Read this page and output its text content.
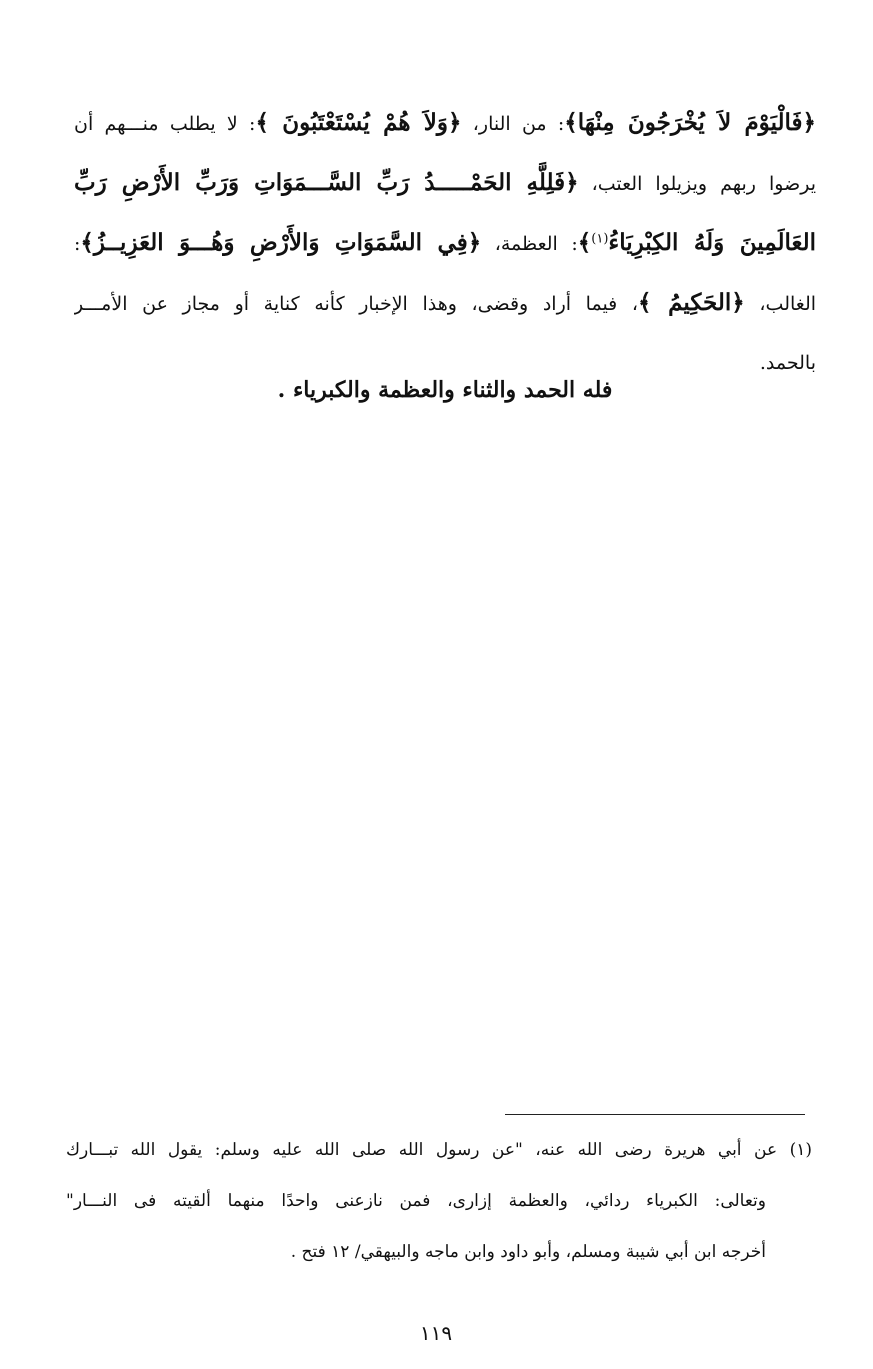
﴿فَالْيَوْمَ لاَ يُخْرَجُونَ مِنْهَا﴾: من النار، ﴿وَلاَ هُمْ يُسْتَعْتَبُونَ ﴾: لا يطلب منـــهم أن
يرضوا ربهم ويزيلوا العتب، ﴿فَلِلَّهِ الحَمْـــــدُ رَبِّ السَّـــمَوَاتِ وَرَبِّ الأَرْضِ رَبِّ
العَالَمِينَ وَلَهُ الكِبْرِيَاءُ$^{(١)}$﴾: العظمة، ﴿فِي السَّمَوَاتِ وَالأَرْضِ وَهُـــوَ العَزِيــزُ﴾:
الغالب، ﴿الحَكِيمُ ﴾، فيما أراد وقضى، وهذا الإخبار كأنه كناية أو مجاز عن الأمـــر
بالحمد.
فله الحمد والثناء والعظمة والكبرياء .
(١) عن أبي هريرة رضى الله عنه، "عن رسول الله صلى الله عليه وسلم: يقول الله تبـــارك
وتعالى: الكبرياء ردائي، والعظمة إزارى، فمن نازعنى واحدًا منهما ألقيته فى النـــار"
أخرجه ابن أبي شيبة ومسلم، وأبو داود وابن ماجه والبيهقي/ ١٢ فتح .
١١٩
